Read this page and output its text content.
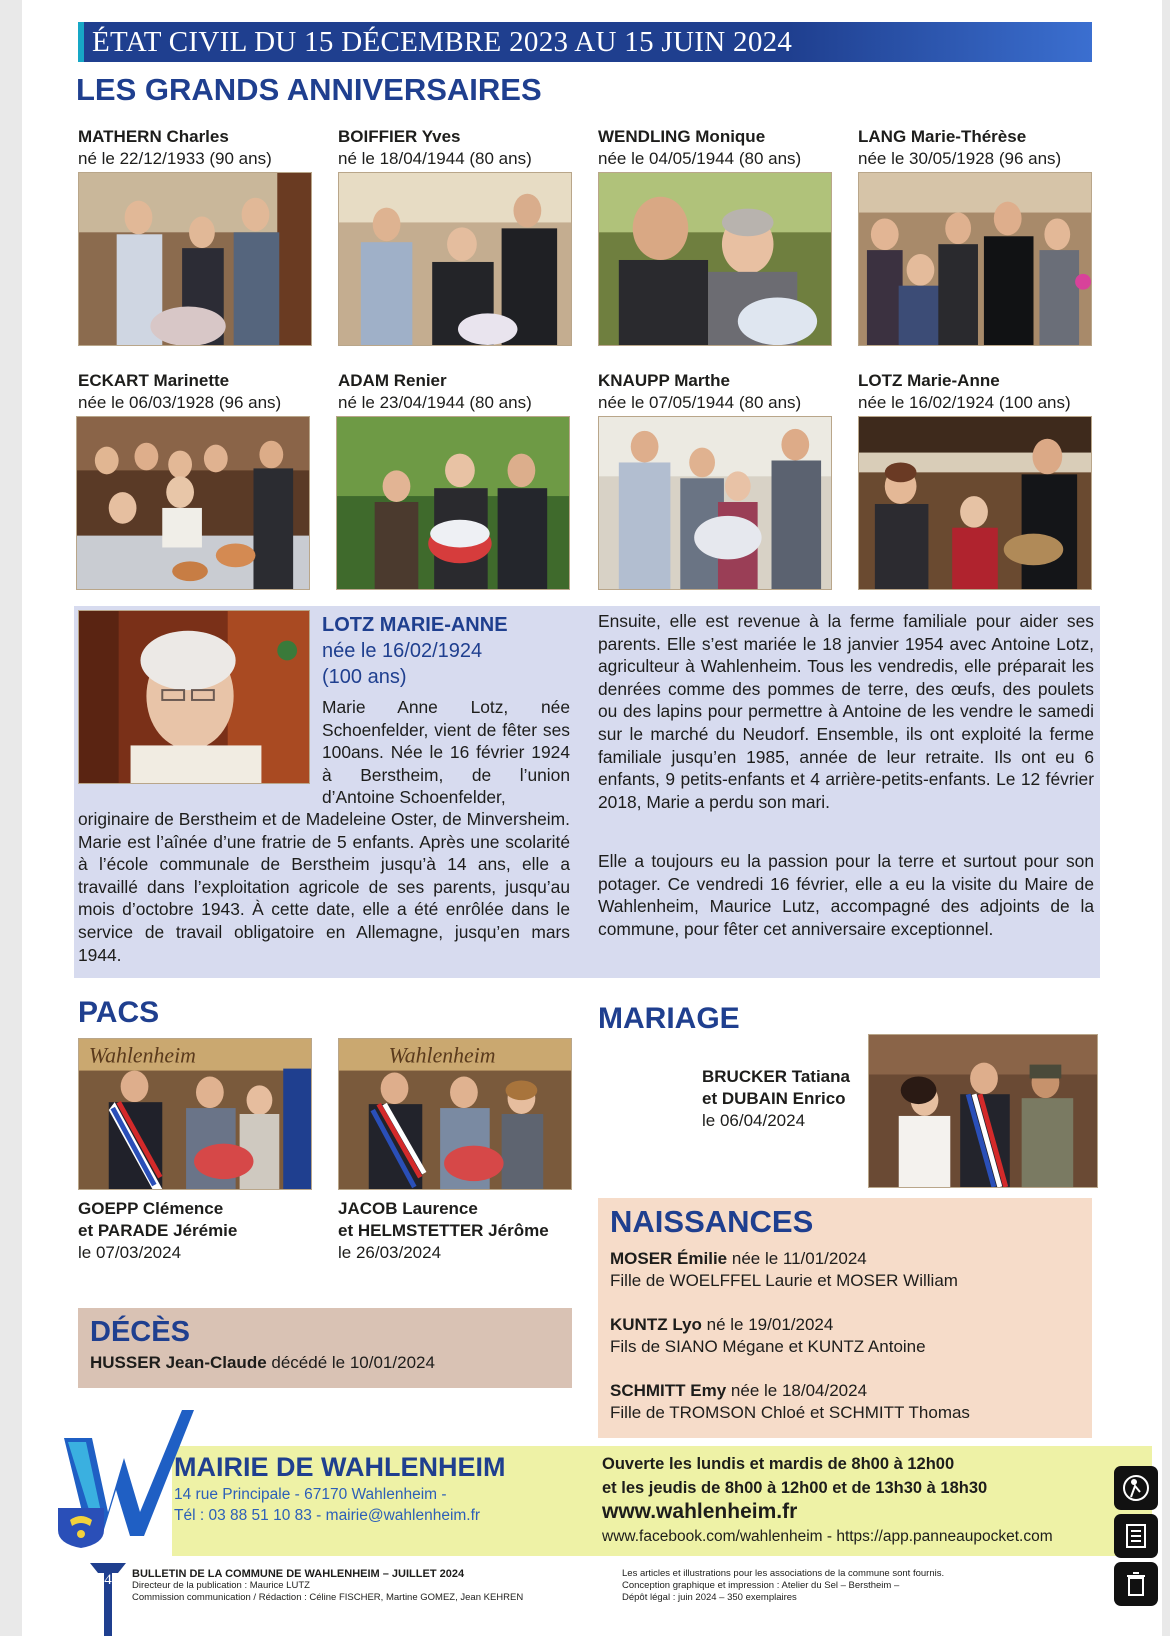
ÉTAT CIVIL DU 15 DÉCEMBRE 2023 AU 15 JUIN 2024
LES GRANDS ANNIVERSAIRES
MATHERN Charles
né le 22/12/1933 (90 ans)
BOIFFIER Yves
né le 18/04/1944 (80 ans)
WENDLING Monique
née le 04/05/1944 (80 ans)
LANG Marie-Thérèse
née le 30/05/1928 (96 ans)
ECKART Marinette
née le 06/03/1928 (96 ans)
ADAM Renier
né le 23/04/1944 (80 ans)
KNAUPP Marthe
née le 07/05/1944 (80 ans)
LOTZ Marie-Anne
née le 16/02/1924 (100 ans)
LOTZ MARIE-ANNE
née le 16/02/1924
(100 ans)
Marie Anne Lotz, née Schoenfelder, vient de fêter ses 100ans. Née le 16 février 1924 à Berstheim, de l’union d’Antoine Schoenfelder,
originaire de Berstheim et de Madeleine Oster, de Minversheim. Marie est l’aînée d’une fratrie de 5 enfants. Après une scolarité à l’école communale de Berstheim jusqu’à 14 ans, elle a travaillé dans l’exploitation agricole de ses parents, jusqu’au mois d’octobre 1943. À cette date, elle a été enrôlée dans le service de travail obligatoire en Allemagne, jusqu’en mars 1944.
Ensuite, elle est revenue à la ferme familiale pour aider ses parents. Elle s’est mariée le 18 janvier 1954 avec Antoine Lotz, agriculteur à Wahlenheim. Tous les vendredis, elle préparait les denrées comme des pommes de terre, des œufs, des poulets ou des lapins pour permettre à Antoine de les vendre le samedi sur le marché du Neudorf. Ensemble, ils ont exploité la ferme familiale jusqu’en 1985, année de leur retraite. Ils ont eu 6 enfants, 9 petits-enfants et 4 arrière-petits-enfants. Le 12 février 2018, Marie a perdu son mari.
Elle a toujours eu la passion pour la terre et surtout pour son potager. Ce vendredi 16 février, elle a eu la visite du Maire de Wahlenheim, Maurice Lutz, accompagné des adjoints de la commune, pour fêter cet anniversaire exceptionnel.
PACS
Wahlenheim	Wahlenheim
GOEPP Clémence
et PARADE Jérémie
le 07/03/2024
JACOB Laurence
et HELMSTETTER Jérôme
le 26/03/2024
MARIAGE
BRUCKER Tatiana
et DUBAIN Enrico
le 06/04/2024
DÉCÈS
HUSSER Jean-Claude décédé le 10/01/2024
NAISSANCES
MOSER Émilie née le 11/01/2024
Fille de WOELFFEL Laurie et MOSER William
KUNTZ Lyo né le 19/01/2024
Fils de SIANO Mégane et KUNTZ Antoine
SCHMITT Emy née le 18/04/2024
Fille de TROMSON Chloé et SCHMITT Thomas
MAIRIE DE WAHLENHEIM
14 rue Principale - 67170 Wahlenheim -
Tél : 03 88 51 10 83 - mairie@wahlenheim.fr
Ouverte les lundis et mardis de 8h00 à 12h00
et les jeudis de 8h00 à 12h00 et de 13h30 à 18h30
www.wahlenheim.fr
www.facebook.com/wahlenheim - https://app.panneaupocket.com
4 BULLETIN DE LA COMMUNE DE WAHLENHEIM – JUILLET 2024
Directeur de la publication : Maurice LUTZ
Commission communication / Rédaction : Céline FISCHER, Martine GOMEZ, Jean KEHREN
Les articles et illustrations pour les associations de la commune sont fournis.
Conception graphique et impression : Atelier du Sel – Berstheim –
Dépôt légal : juin 2024 – 350 exemplaires
